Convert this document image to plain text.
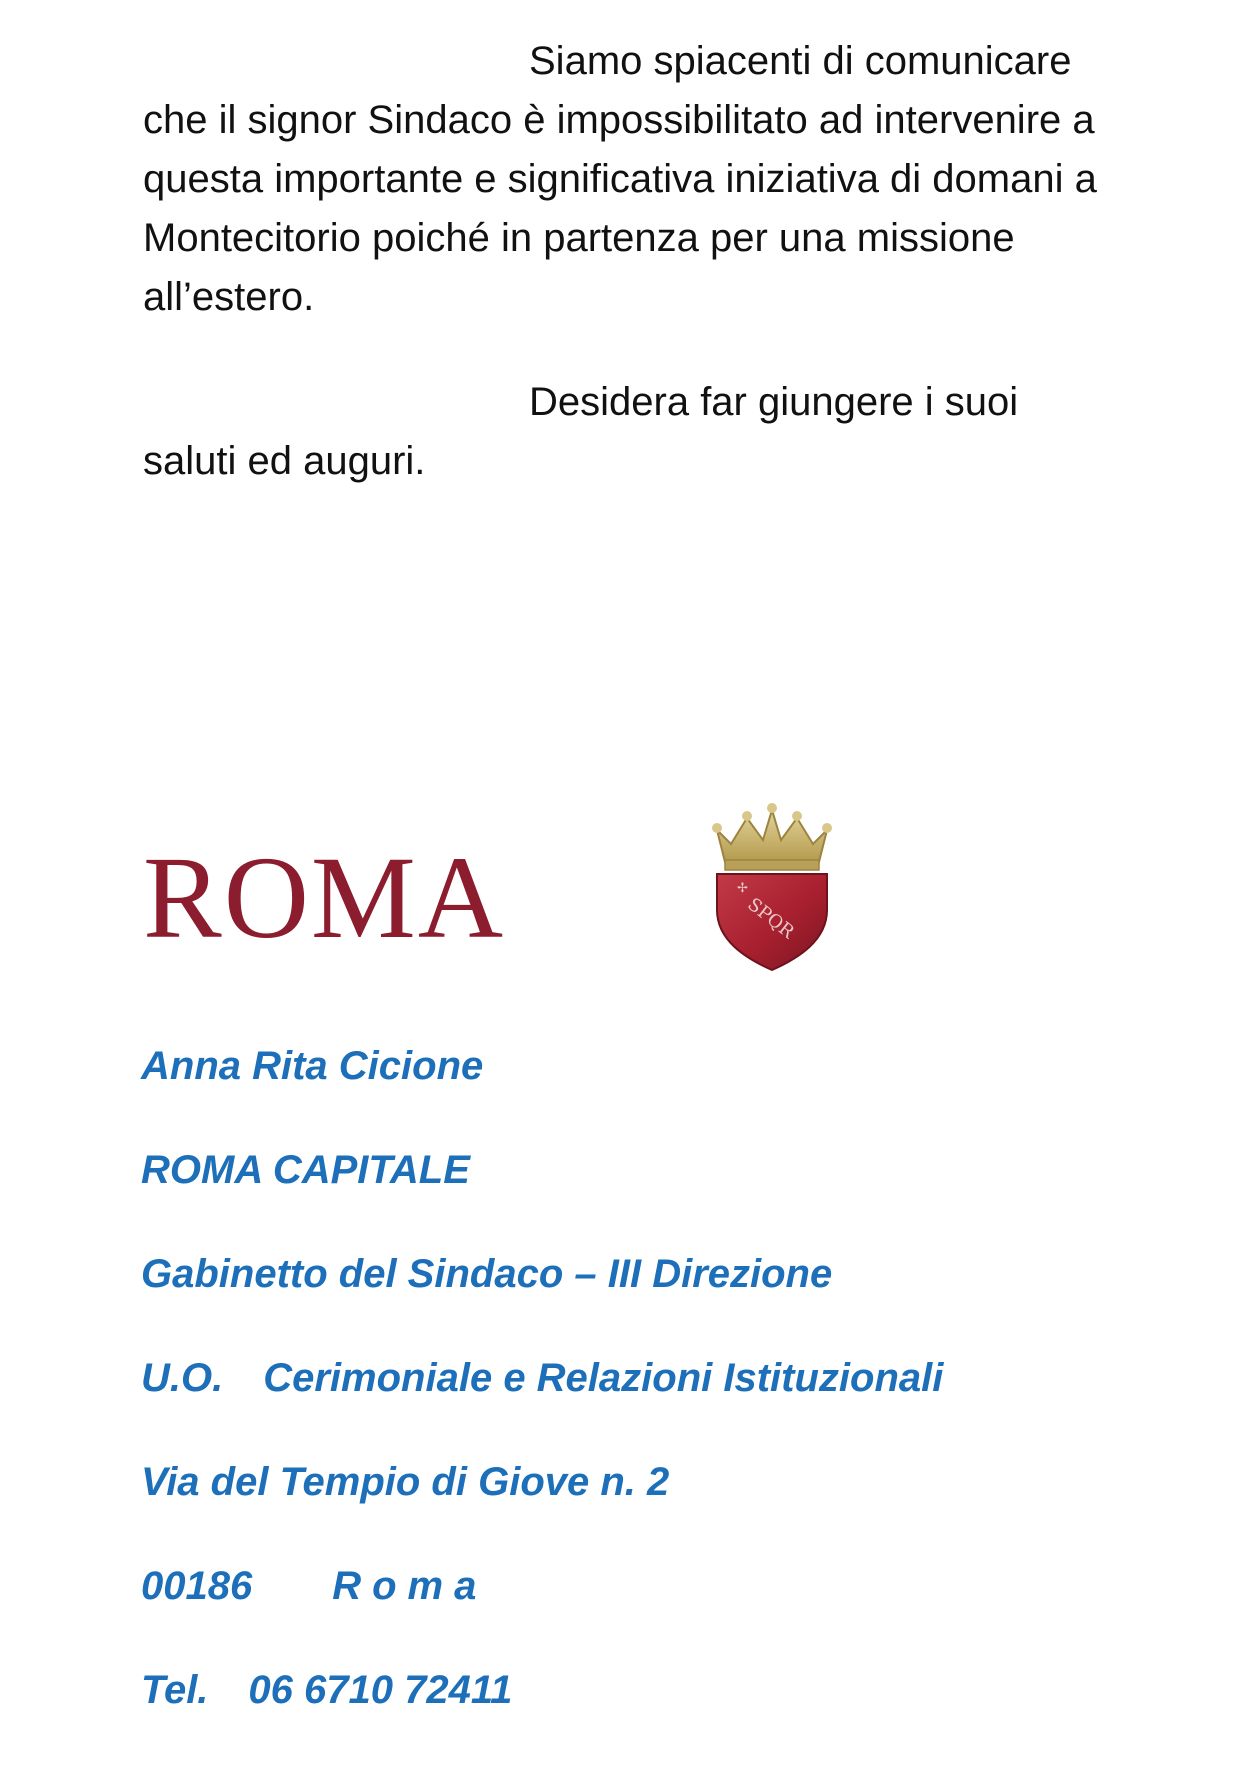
Siamo spiacenti di comunicare che il signor Sindaco è impossibilitato ad intervenire a questa importante e significativa iniziativa di domani a Montecitorio poiché in partenza per una missione all’estero.

Desidera far giungere i suoi saluti ed auguri.

ROMA	SPQR
✢

Anna Rita Cicione

ROMA CAPITALE

Gabinetto del Sindaco – III Direzione

U.O. Cerimoniale e Relazioni Istituzionali

Via del Tempio di Giove n. 2

00186 Roma

Tel. 06 6710 72411
